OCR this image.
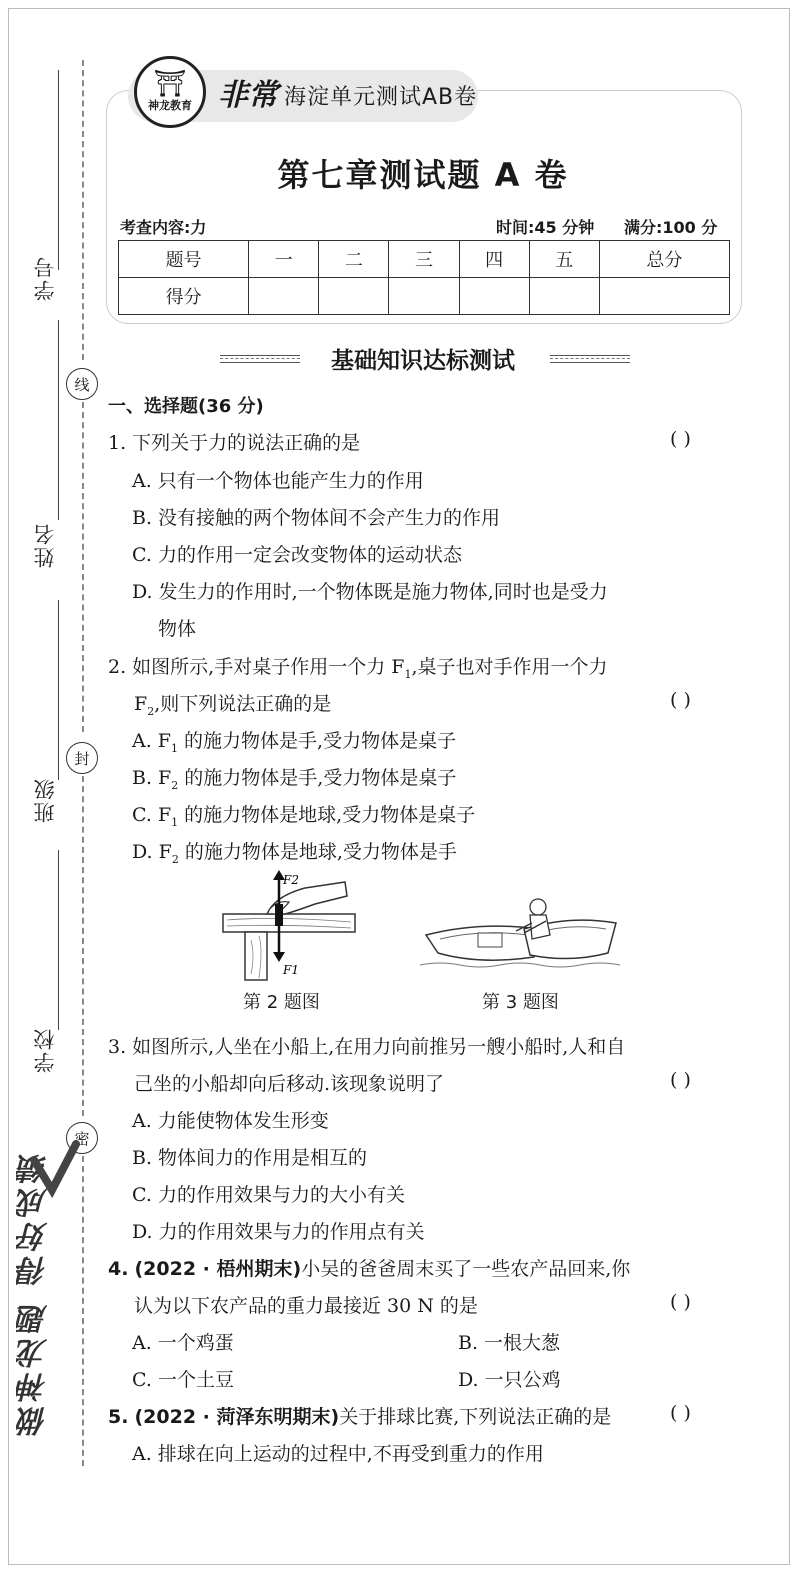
学号
姓名
班级
学校
线
封
密
做神龙题 得好成绩
⛩
神龙教育 非常 海淀单元测试AB卷
第七章测试题 A 卷
考查内容:力	时间:45 分钟 满分:100 分
题号	一	二	三	四	五	总分
得分						
基础知识达标测试
一、选择题(36 分)
1. 下列关于力的说法正确的是	( )
A. 只有一个物体也能产生力的作用
B. 没有接触的两个物体间不会产生力的作用
C. 力的作用一定会改变物体的运动状态
D. 发生力的作用时,一个物体既是施力物体,同时也是受力
物体
2. 如图所示,手对桌子作用一个力 $F_1$,桌子也对手作用一个力
$F_2$,则下列说法正确的是	( )
A. $F_1$ 的施力物体是手,受力物体是桌子
B. $F_2$ 的施力物体是手,受力物体是桌子
C. $F_1$ 的施力物体是地球,受力物体是桌子
D. $F_2$ 的施力物体是地球,受力物体是手
F2
F1
第 2 题图	第 3 题图
3. 如图所示,人坐在小船上,在用力向前推另一艘小船时,人和自
己坐的小船却向后移动.该现象说明了	( )
A. 力能使物体发生形变
B. 物体间力的作用是相互的
C. 力的作用效果与力的大小有关
D. 力的作用效果与力的作用点有关
4. (2022 · 梧州期末)小吴的爸爸周末买了一些农产品回来,你
认为以下农产品的重力最接近 30 N 的是	( )
A. 一个鸡蛋	B. 一根大葱
C. 一个土豆	D. 一只公鸡
5. (2022 · 菏泽东明期末)关于排球比赛,下列说法正确的是	( )
A. 排球在向上运动的过程中,不再受到重力的作用
